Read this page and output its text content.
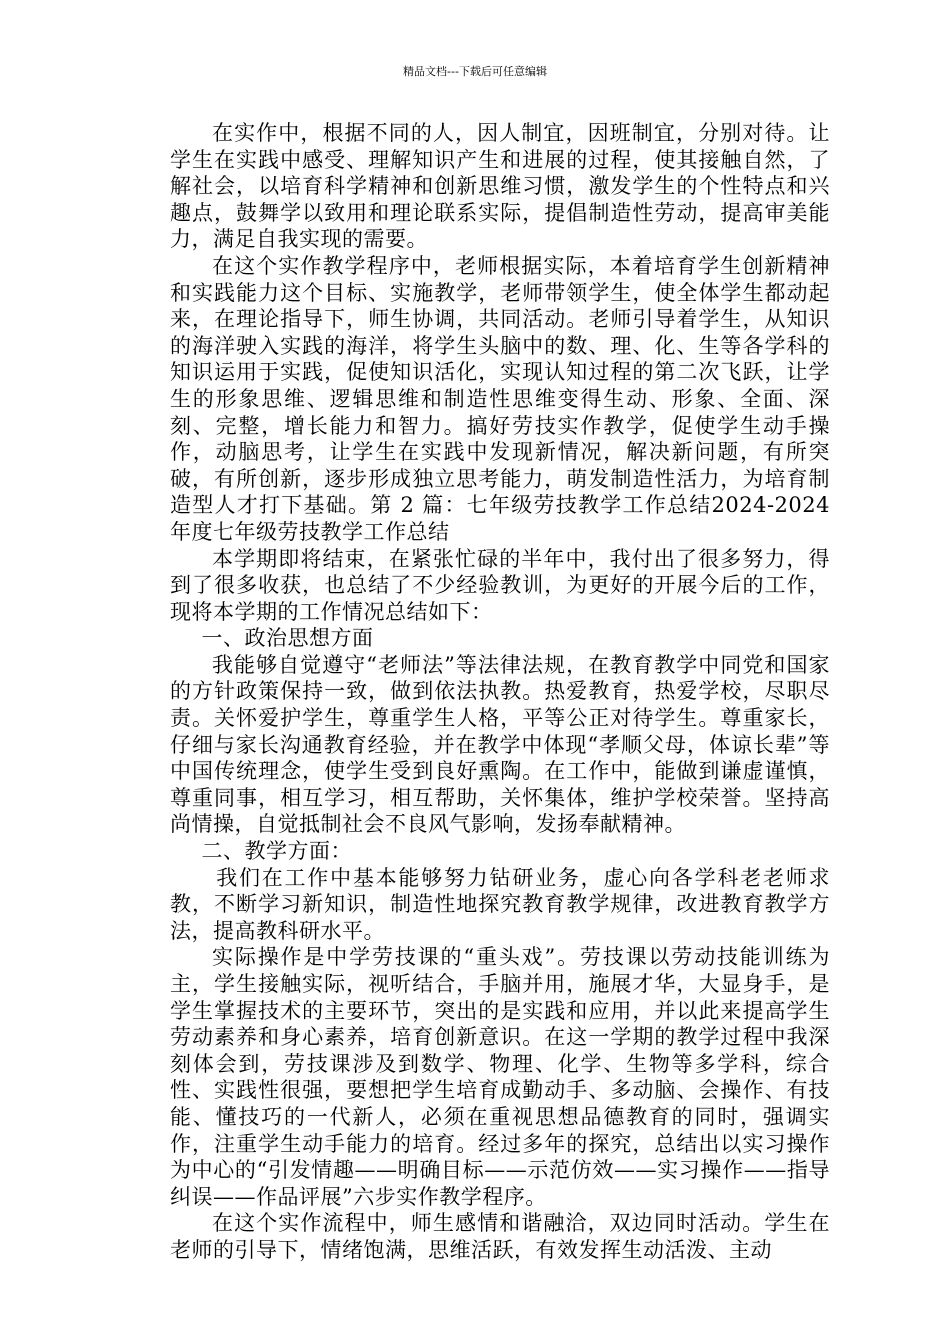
精品文档---下载后可任意编辑

在实作中，根据不同的人，因人制宜，因班制宜，分别对待。让学生在实践中感受、理解知识产生和进展的过程，使其接触自然，了解社会，以培育科学精神和创新思维习惯，激发学生的个性特点和兴趣点，鼓舞学以致用和理论联系实际，提倡制造性劳动，提高审美能力，满足自我实现的需要。

在这个实作教学程序中，老师根据实际，本着培育学生创新精神和实践能力这个目标、实施教学，老师带领学生，使全体学生都动起来，在理论指导下，师生协调，共同活动。老师引导着学生，从知识的海洋驶入实践的海洋，将学生头脑中的数、理、化、生等各学科的知识运用于实践，促使知识活化，实现认知过程的第二次飞跃，让学生的形象思维、逻辑思维和制造性思维变得生动、形象、全面、深刻、完整，增长能力和智力。搞好劳技实作教学，促使学生动手操作，动脑思考，让学生在实践中发现新情况，解决新问题，有所突破，有所创新，逐步形成独立思考能力，萌发制造性活力，为培育制造型人才打下基础。第 2 篇：七年级劳技教学工作总结2024-2024 年度七年级劳技教学工作总结

本学期即将结束，在紧张忙碌的半年中，我付出了很多努力，得到了很多收获，也总结了不少经验教训，为更好的开展今后的工作，现将本学期的工作情况总结如下：

一、政治思想方面

我能够自觉遵守“老师法”等法律法规，在教育教学中同党和国家的方针政策保持一致，做到依法执教。热爱教育，热爱学校，尽职尽责。关怀爱护学生，尊重学生人格，平等公正对待学生。尊重家长，仔细与家长沟通教育经验，并在教学中体现“孝顺父母，体谅长辈”等中国传统理念，使学生受到良好熏陶。在工作中，能做到谦虚谨慎，尊重同事，相互学习，相互帮助，关怀集体，维护学校荣誉。坚持高尚情操，自觉抵制社会不良风气影响，发扬奉献精神。

二、教学方面：

我们在工作中基本能够努力钻研业务，虚心向各学科老老师求教，不断学习新知识，制造性地探究教育教学规律，改进教育教学方法，提高教科研水平。

实际操作是中学劳技课的“重头戏”。劳技课以劳动技能训练为主，学生接触实际，视听结合，手脑并用，施展才华，大显身手，是学生掌握技术的主要环节，突出的是实践和应用，并以此来提高学生劳动素养和身心素养，培育创新意识。在这一学期的教学过程中我深刻体会到，劳技课涉及到数学、物理、化学、生物等多学科，综合性、实践性很强，要想把学生培育成勤动手、多动脑、会操作、有技能、懂技巧的一代新人，必须在重视思想品德教育的同时，强调实作，注重学生动手能力的培育。经过多年的探究，总结出以实习操作为中心的“引发情趣——明确目标——示范仿效——实习操作——指导纠误——作品评展”六步实作教学程序。

在这个实作流程中，师生感情和谐融洽，双边同时活动。学生在老师的引导下，情绪饱满，思维活跃，有效发挥生动活泼、主动
